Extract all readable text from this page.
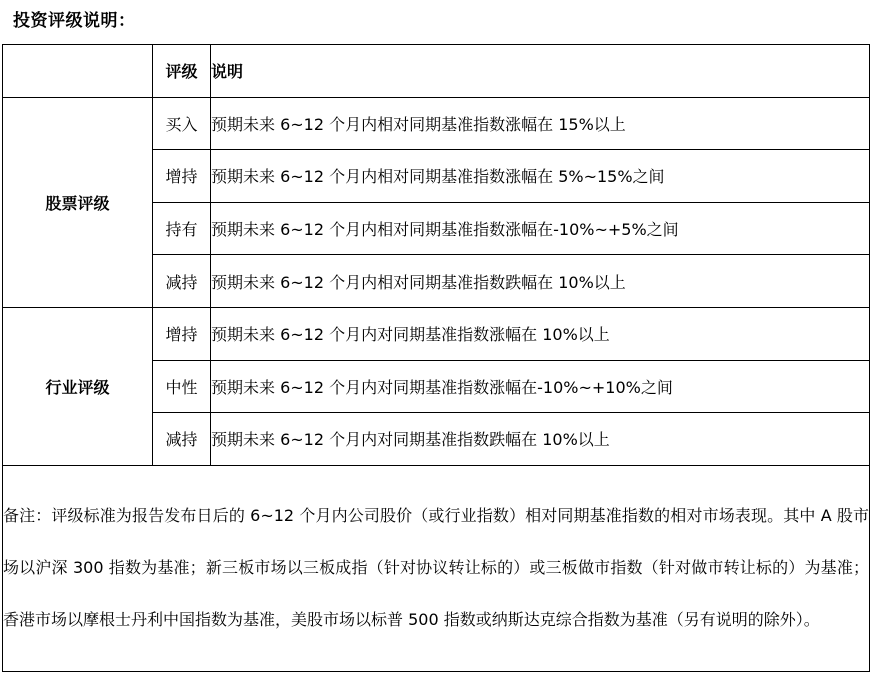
投资评级说明：
	评级	说明
股票评级	买入	预期未来 6~12 个月内相对同期基准指数涨幅在 15%以上
	增持	预期未来 6~12 个月内相对同期基准指数涨幅在 5%~15%之间
	持有	预期未来 6~12 个月内相对同期基准指数涨幅在-10%~+5%之间
	减持	预期未来 6~12 个月内相对同期基准指数跌幅在 10%以上
行业评级	增持	预期未来 6~12 个月内对同期基准指数涨幅在 10%以上
	中性	预期未来 6~12 个月内对同期基准指数涨幅在-10%~+10%之间
	减持	预期未来 6~12 个月内对同期基准指数跌幅在 10%以上
备注：评级标准为报告发布日后的 6~12 个月内公司股价（或行业指数）相对同期基准指数的相对市场表现。其中 A 股市场以沪深 300 指数为基准；新三板市场以三板成指（针对协议转让标的）或三板做市指数（针对做市转让标的）为基准；香港市场以摩根士丹利中国指数为基准，美股市场以标普 500 指数或纳斯达克综合指数为基准（另有说明的除外）。		
